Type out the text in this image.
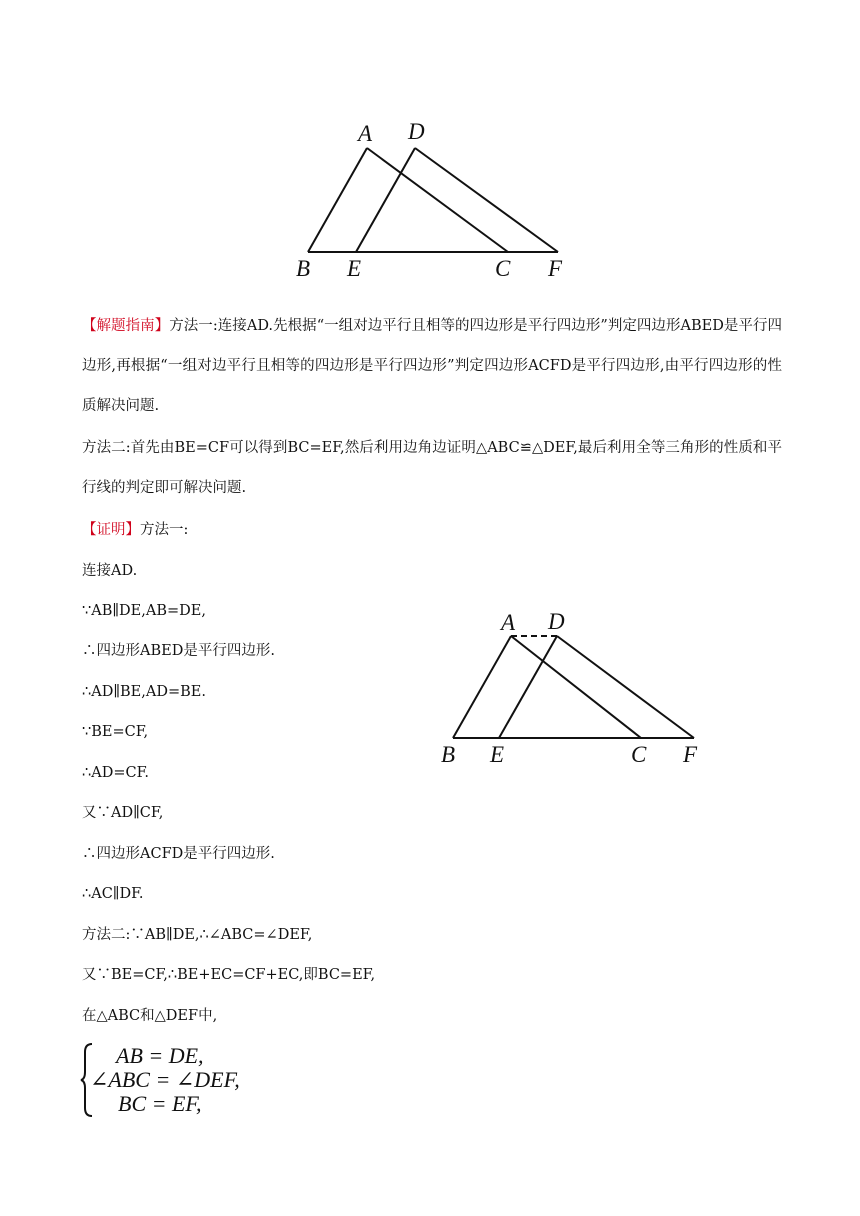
A D
B E	C F
【解题指南】方法一:连接AD.先根据“一组对边平行且相等的四边形是平行四边形”判定四边形ABED是平行四边形,再根据“一组对边平行且相等的四边形是平行四边形”判定四边形ACFD是平行四边形,由平行四边形的性质解决问题.
方法二:首先由BE=CF可以得到BC=EF,然后利用边角边证明△ABC≌△DEF,最后利用全等三角形的性质和平行线的判定即可解决问题.
【证明】方法一:
连接AD.
∵AB∥DE,AB=DE,
∴四边形ABED是平行四边形.
∴AD∥BE,AD=BE.
∵BE=CF,
∴AD=CF.
又∵AD∥CF,
∴四边形ACFD是平行四边形.
∴AC∥DF.
方法二:∵AB∥DE,∴∠ABC=∠DEF,
又∵BE=CF,∴BE+EC=CF+EC,即BC=EF,
在△ABC和△DEF中,
AB = DE,
∠ABC = ∠DEF,
BC = EF,
A D
B E	C F
